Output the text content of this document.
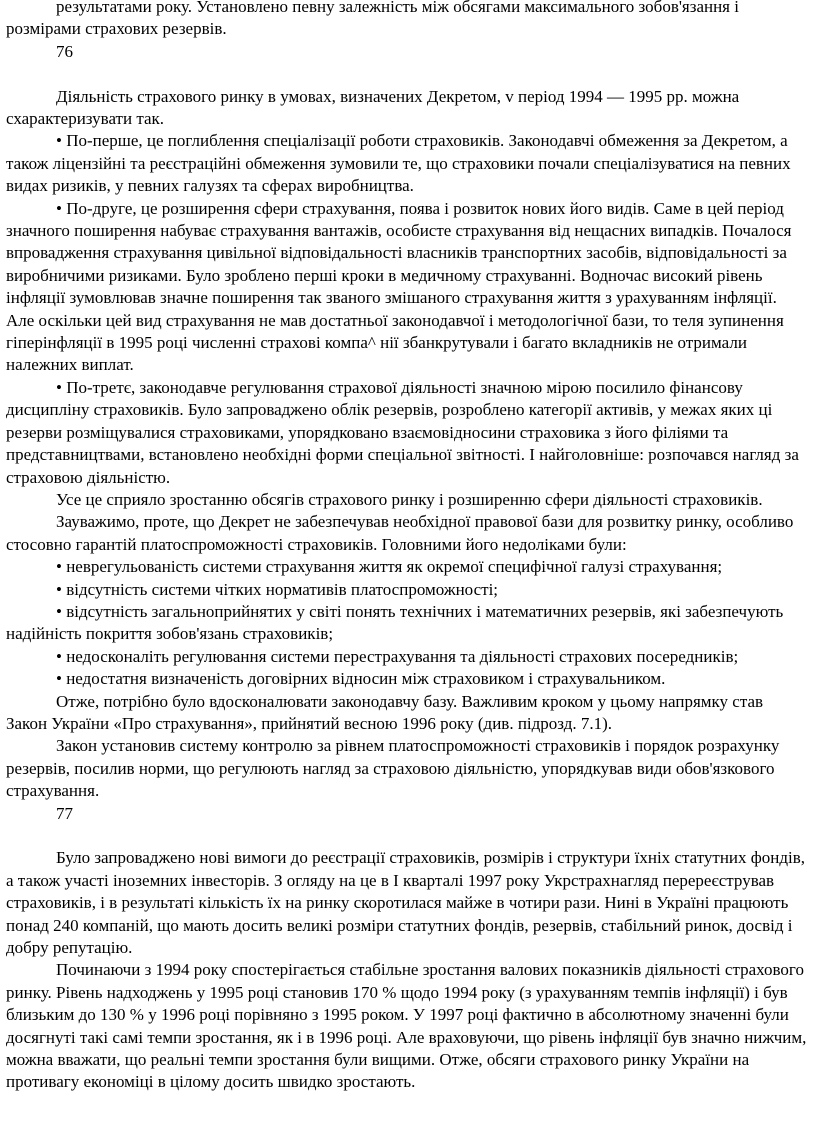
результатами року. Установлено певну залежність між обсягами максимального зобов'язання і розмірами страхових резервів.

76

Діяльність страхового ринку в умовах, визначених Декретом, v період 1994 — 1995 pp. можна схарактеризувати так.

• По-перше, це поглиблення спеціалізації роботи страховиків. Законодавчі обмеження за Декретом, а також ліцензійні та реєстраційні обмеження зумовили те, що страховики почали спеціалізуватися на певних видах ризиків, у певних галузях та сферах виробництва.

• По-друге, це розширення сфери страхування, поява і розвиток нових його видів. Саме в цей період значного поширення набуває страхування вантажів, особисте страхування від нещасних випадків. Почалося впровадження страхування цивільної відповідальності власників транспортних засобів, відповідальності за виробничими ризиками. Було зроблено перші кроки в медичному страхуванні. Водночас високий рівень інфляції зумовлював значне поширення так званого змішаного страхування життя з урахуванням інфляції. Але оскільки цей вид страхування не мав достатньої законодавчої і методологічної бази, то теля зупинення гіперінфляції в 1995 році численні страхові компа^ нії збанкрутували і багато вкладників не отримали належних виплат.

• По-третє, законодавче регулювання страхової діяльності значною мірою посилило фінансову дисципліну страховиків. Було запроваджено облік резервів, розроблено категорії активів, у межах яких ці резерви розміщувалися страховиками, упорядковано взаємовідносини страховика з його філіями та представництвами, встановлено необхідні форми спеціальної звітності. І найголовніше: розпочався нагляд за страховою діяльністю.

Усе це сприяло зростанню обсягів страхового ринку і розширенню сфери діяльності страховиків.

Зауважимо, проте, що Декрет не забезпечував необхідної правової бази для розвитку ринку, особливо стосовно гарантій платоспроможності страховиків. Головними його недоліками були:

• неврегульованість системи страхування життя як окремої специфічної галузі страхування;

• відсутність системи чітких нормативів платоспроможності;

• відсутність загальноприйнятих у світі понять технічних і математичних резервів, які забезпечують надійність покриття зобов'язань страховиків;

• недосконаліть регулювання системи перестрахування та діяльності страхових посередників;

• недостатня визначеність договірних відносин між страховиком і страхувальником.

Отже, потрібно було вдосконалювати законодавчу базу. Важливим кроком у цьому напрямку став Закон України «Про страхування», прийнятий весною 1996 року (див. підрозд. 7.1).

Закон установив систему контролю за рівнем платоспроможності страховиків і порядок розрахунку резервів, посилив норми, що регулюють нагляд за страховою діяльністю, упорядкував види обов'язкового страхування.

77

Було запроваджено нові вимоги до реєстрації страховиків, розмірів і структури їхніх статутних фондів, а також участі іноземних інвесторів. З огляду на це в І кварталі 1997 року Укрстрахнагляд перереєстрував страховиків, і в результаті кількість їх на ринку скоротилася майже в чотири рази. Нині в Україні працюють понад 240 компаній, що мають досить великі розміри статутних фондів, резервів, стабільний ринок, досвід і добру репутацію.

Починаючи з 1994 року спостерігається стабільне зростання валових показників діяльності страхового ринку. Рівень надходжень у 1995 році становив 170 % щодо 1994 року (з урахуванням темпів інфляції) і був близьким до 130 % у 1996 році порівняно з 1995 роком. У 1997 році фактично в абсолютному значенні були досягнуті такі самі темпи зростання, як і в 1996 році. Але враховуючи, що рівень інфляції був значно нижчим, можна вважати, що реальні темпи зростання були вищими. Отже, обсяги страхового ринку України на противагу економіці в цілому досить швидко зростають.
